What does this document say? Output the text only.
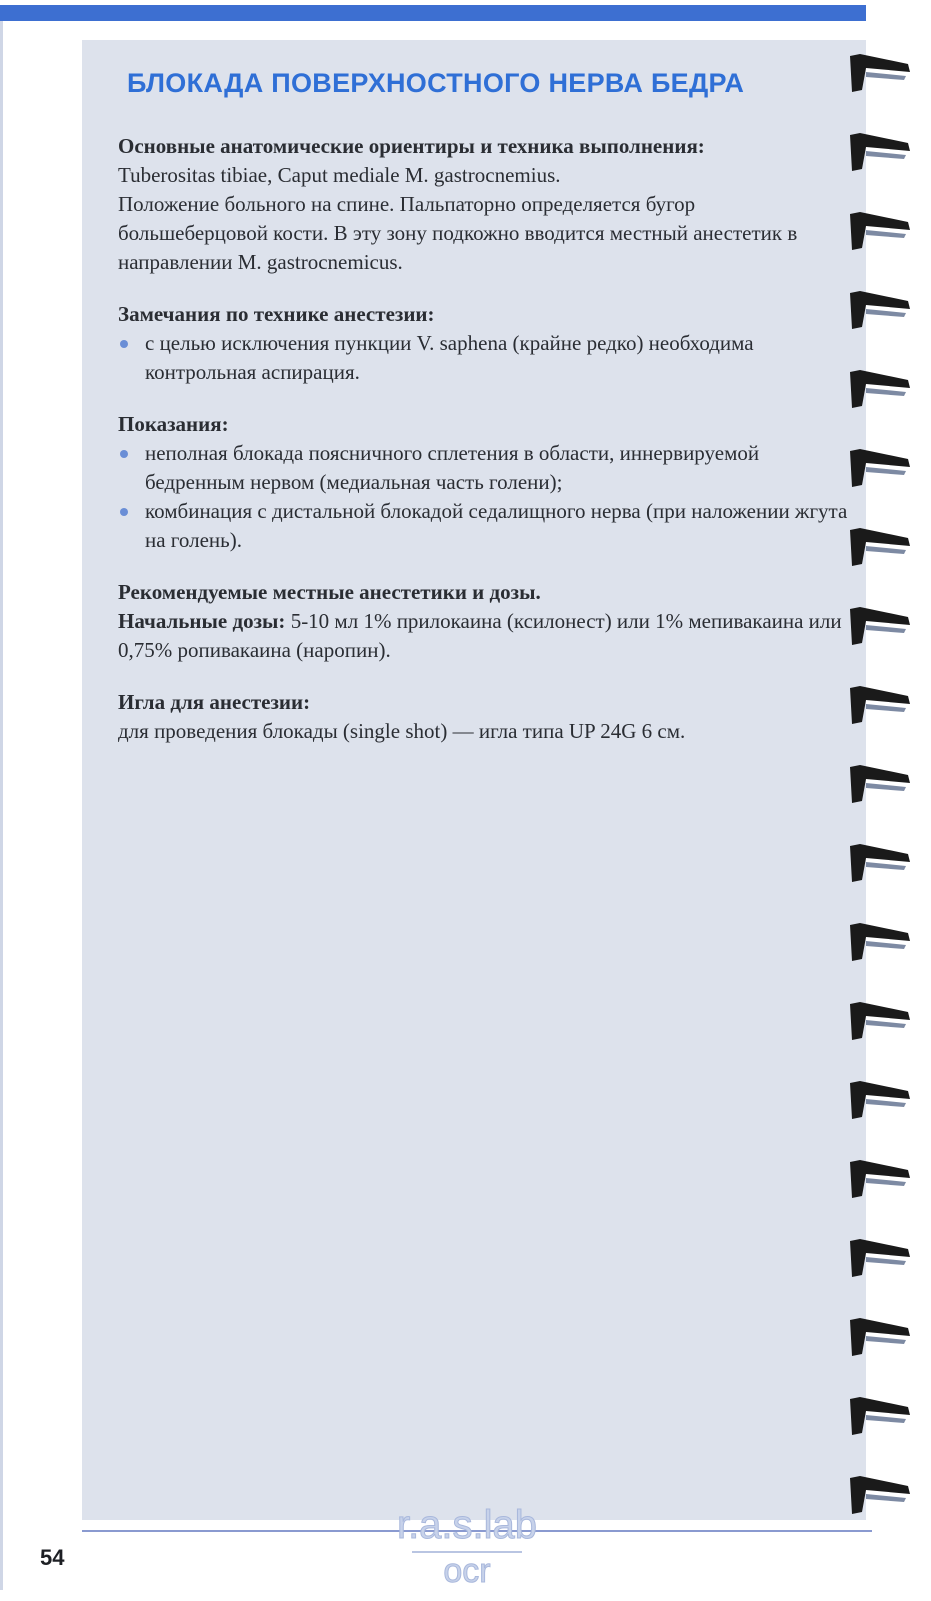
БЛОКАДА ПОВЕРХНОСТНОГО НЕРВА БЕДРА
Основные анатомические ориентиры и техника выполнения:
Tuberositas tibiae, Caput mediale M. gastrocnemius.
Положение больного на спине. Пальпаторно определяется бугор большеберцовой кости. В эту зону подкожно вводится местный анестетик в направлении M. gastrocnemicus.
Замечания по технике анестезии:
с целью исключения пункции V. saphena (крайне редко) необходима контрольная аспирация.
Показания:
неполная блокада поясничного сплетения в области, иннервируемой бедренным нервом (медиальная часть голени);
комбинация с дистальной блокадой седалищного нерва (при наложении жгута на голень).
Рекомендуемые местные анестетики и дозы.
Начальные дозы: 5-10 мл 1% прилокаина (ксилонест) или 1% мепивакаина или 0,75% ропивакаина (наропин).
Игла для анестезии:
для проведения блокады (single shot) — игла типа UP 24G 6 см.
54
r.a.s.lab
ocr
